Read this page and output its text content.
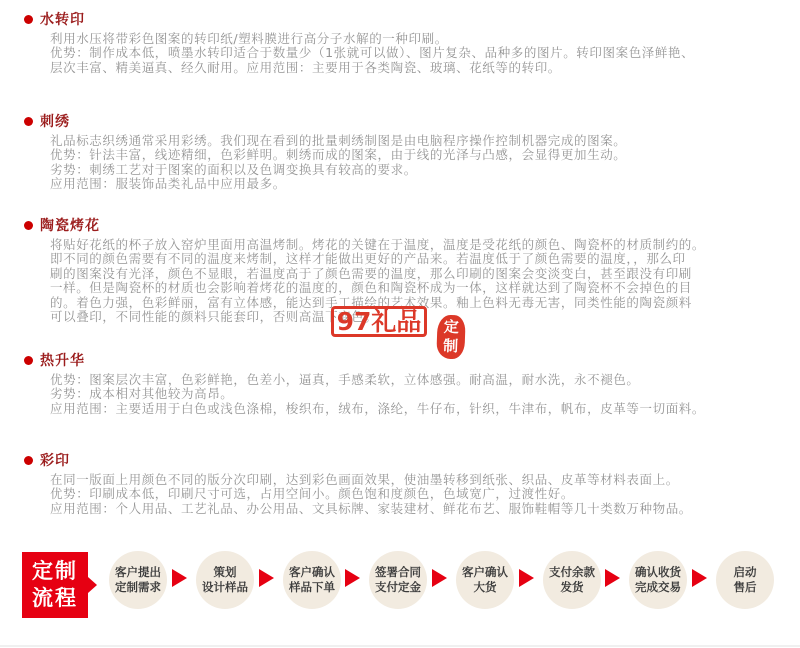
水转印
利用水压将带彩色图案的转印纸/塑料膜进行高分子水解的一种印刷。
优势：制作成本低，喷墨水转印适合于数量少（1张就可以做）、图片复杂、品种多的图片。转印图案色泽鲜艳、
层次丰富、精美逼真、经久耐用。应用范围：主要用于各类陶瓷、玻璃、花纸等的转印。
刺绣
礼品标志织绣通常采用彩绣。我们现在看到的批量刺绣制图是由电脑程序操作控制机器完成的图案。
优势：针法丰富，线迹精细，色彩鲜明。刺绣而成的图案，由于线的光泽与凸感，会显得更加生动。
劣势：刺绣工艺对于图案的面积以及色调变换具有较高的要求。
应用范围：服装饰品类礼品中应用最多。
陶瓷烤花
将贴好花纸的杯子放入窑炉里面用高温烤制。烤花的关键在于温度，温度是受花纸的颜色、陶瓷杯的材质制约的。
即不同的颜色需要有不同的温度来烤制，这样才能做出更好的产品来。若温度低于了颜色需要的温度，，那么印
刷的图案没有光泽，颜色不显眼，若温度高于了颜色需要的温度，那么印刷的图案会变淡变白，甚至跟没有印刷
一样。但是陶瓷杯的材质也会影响着烤花的温度的，颜色和陶瓷杯成为一体，这样就达到了陶瓷杯不会掉色的目
的。着色力强，色彩鲜丽，富有立体感，能达到手工描绘的艺术效果。釉上色料无毒无害，同类性能的陶瓷颜料
可以叠印，不同性能的颜料只能套印，否则高温下变色。
97礼品 定
制
热升华
优势：图案层次丰富，色彩鲜艳，色差小，逼真，手感柔软，立体感强。耐高温，耐水洗，永不褪色。
劣势：成本相对其他较为高昂。
应用范围：主要适用于白色或浅色涤棉，梭织布，绒布，涤纶，牛仔布，针织，牛津布，帆布，皮革等一切面料。
彩印
在同一版面上用颜色不同的版分次印刷，达到彩色画面效果，使油墨转移到纸张、织品、皮革等材料表面上。
优势：印刷成本低，印刷尺寸可选，占用空间小。颜色饱和度颜色，色域宽广，过渡性好。
应用范围：个人用品、工艺礼品、办公用品、文具标牌、家装建材、鲜花布艺、服饰鞋帽等几十类数万种物品。
定制
流程
客户提出
定制需求
策划
设计样品
客户确认
样品下单
签署合同
支付定金
客户确认
大货
支付余款
发货
确认收货
完成交易
启动
售后
